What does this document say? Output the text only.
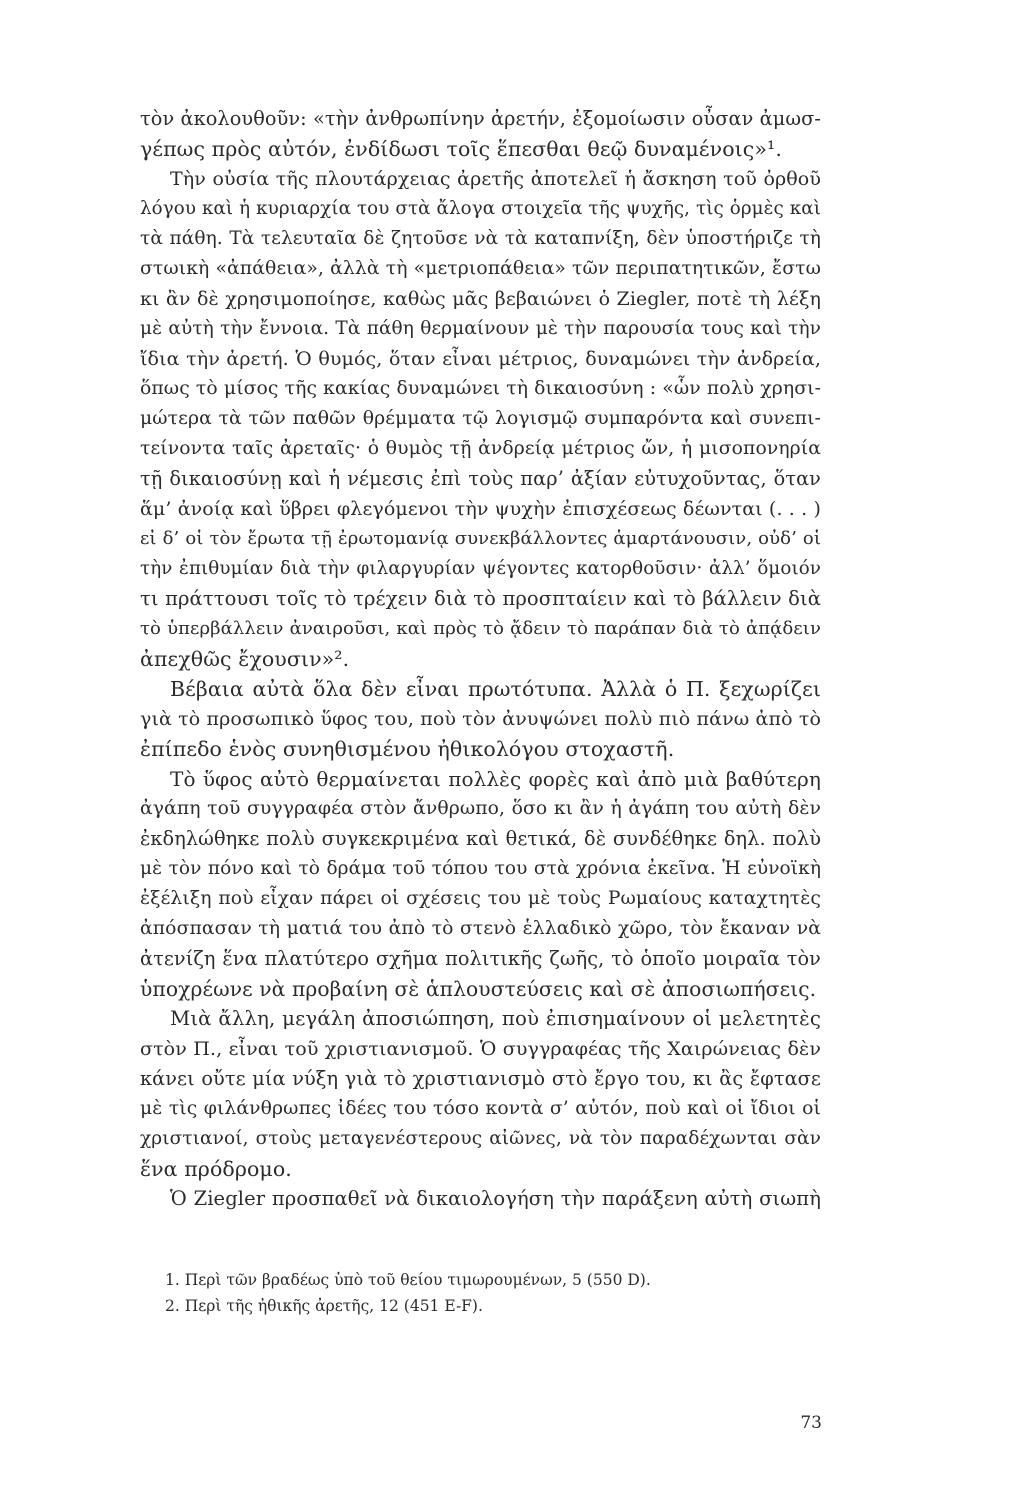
τὸν ἀκολουθοῦν: «τὴν ἀνθρωπίνην ἀρετήν, ἐξομοίωσιν οὖσαν ἀμωσ-
γέπως πρὸς αὐτόν, ἐνδίδωσι τοῖς ἕπεσθαι θεῷ δυναμένοις»¹.
Τὴν οὐσία τῆς πλουτάρχειας ἀρετῆς ἀποτελεῖ ἡ ἄσκηση τοῦ ὀρθοῦ
λόγου καὶ ἡ κυριαρχία του στὰ ἄλογα στοιχεῖα τῆς ψυχῆς, τὶς ὁρμὲς καὶ
τὰ πάθη. Τὰ τελευταῖα δὲ ζητοῦσε νὰ τὰ καταπνίξη, δὲν ὑποστήριζε τὴ
στωικὴ «ἀπάθεια», ἀλλὰ τὴ «μετριοπάθεια» τῶν περιπατητικῶν, ἔστω
κι ἂν δὲ χρησιμοποίησε, καθὼς μᾶς βεβαιώνει ὁ Ziegler, ποτὲ τὴ λέξη
μὲ αὐτὴ τὴν ἔννοια. Τὰ πάθη θερμαίνουν μὲ τὴν παρουσία τους καὶ τὴν
ἴδια τὴν ἀρετή. Ὁ θυμός, ὅταν εἶναι μέτριος, δυναμώνει τὴν ἀνδρεία,
ὅπως τὸ μίσος τῆς κακίας δυναμώνει τὴ δικαιοσύνη : «ὧν πολὺ χρησι-
μώτερα τὰ τῶν παθῶν θρέμματα τῷ λογισμῷ συμπαρόντα καὶ συνεπι-
τείνοντα ταῖς ἀρεταῖς· ὁ θυμὸς τῇ ἀνδρείᾳ μέτριος ὤν, ἡ μισοπονηρία
τῇ δικαιοσύνῃ καὶ ἡ νέμεσις ἐπὶ τοὺς παρ’ ἀξίαν εὐτυχοῦντας, ὅταν
ἅμ’ ἀνοίᾳ καὶ ὕβρει φλεγόμενοι τὴν ψυχὴν ἐπισχέσεως δέωνται (. . . )
εἰ δ’ οἱ τὸν ἔρωτα τῇ ἐρωτομανίᾳ συνεκβάλλοντες ἁμαρτάνουσιν, οὐδ’ οἱ
τὴν ἐπιθυμίαν διὰ τὴν φιλαργυρίαν ψέγοντες κατορθοῦσιν· ἀλλ’ ὅμοιόν
τι πράττουσι τοῖς τὸ τρέχειν διὰ τὸ προσπταίειν καὶ τὸ βάλλειν διὰ
τὸ ὑπερβάλλειν ἀναιροῦσι, καὶ πρὸς τὸ ᾄδειν τὸ παράπαν διὰ τὸ ἀπᾴδειν
ἀπεχθῶς ἔχουσιν»².
Βέβαια αὐτὰ ὅλα δὲν εἶναι πρωτότυπα. Ἀλλὰ ὁ Π. ξεχωρίζει
γιὰ τὸ προσωπικὸ ὕφος του, ποὺ τὸν ἀνυψώνει πολὺ πιὸ πάνω ἀπὸ τὸ
ἐπίπεδο ἑνὸς συνηθισμένου ἠθικολόγου στοχαστῆ.
Τὸ ὕφος αὐτὸ θερμαίνεται πολλὲς φορὲς καὶ ἀπὸ μιὰ βαθύτερη
ἀγάπη τοῦ συγγραφέα στὸν ἄνθρωπο, ὅσο κι ἂν ἡ ἀγάπη του αὐτὴ δὲν
ἐκδηλώθηκε πολὺ συγκεκριμένα καὶ θετικά, δὲ συνδέθηκε δηλ. πολὺ
μὲ τὸν πόνο καὶ τὸ δράμα τοῦ τόπου του στὰ χρόνια ἐκεῖνα. Ἡ εὐνοϊκὴ
ἐξέλιξη ποὺ εἶχαν πάρει οἱ σχέσεις του μὲ τοὺς Ρωμαίους καταχτητὲς
ἀπόσπασαν τὴ ματιά του ἀπὸ τὸ στενὸ ἑλλαδικὸ χῶρο, τὸν ἔκαναν νὰ
ἀτενίζη ἕνα πλατύτερο σχῆμα πολιτικῆς ζωῆς, τὸ ὁποῖο μοιραῖα τὸν
ὑποχρέωνε νὰ προβαίνη σὲ ἁπλουστεύσεις καὶ σὲ ἀποσιωπήσεις.
Μιὰ ἄλλη, μεγάλη ἀποσιώπηση, ποὺ ἐπισημαίνουν οἱ μελετητὲς
στὸν Π., εἶναι τοῦ χριστιανισμοῦ. Ὁ συγγραφέας τῆς Χαιρώνειας δὲν
κάνει οὔτε μία νύξη γιὰ τὸ χριστιανισμὸ στὸ ἔργο του, κι ἂς ἔφτασε
μὲ τὶς φιλάνθρωπες ἰδέες του τόσο κοντὰ σ’ αὐτόν, ποὺ καὶ οἱ ἴδιοι οἱ
χριστιανοί, στοὺς μεταγενέστερους αἰῶνες, νὰ τὸν παραδέχωνται σὰν
ἕνα πρόδρομο.
Ὁ Ziegler προσπαθεῖ νὰ δικαιολογήση τὴν παράξενη αὐτὴ σιωπὴ
1. Περὶ τῶν βραδέως ὑπὸ τοῦ θείου τιμωρουμένων, 5 (550 D).
2. Περὶ τῆς ἠθικῆς ἀρετῆς, 12 (451 E-F).
73
